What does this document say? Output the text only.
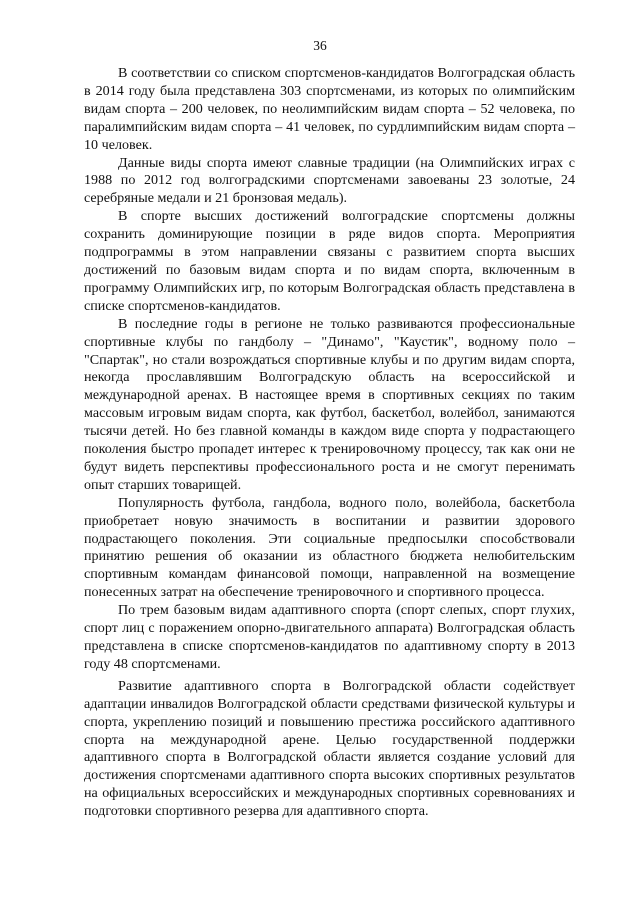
36

В соответствии со списком спортсменов-кандидатов Волгоградская область в 2014 году была представлена 303 спортсменами, из которых по олимпийским видам спорта – 200 человек, по неолимпийским видам спорта – 52 человека, по паралимпийским видам спорта – 41 человек, по сурдлимпийским видам спорта – 10 человек.

Данные виды спорта имеют славные традиции (на Олимпийских играх с 1988 по 2012 год волгоградскими спортсменами завоеваны 23 золотые, 24 серебряные медали и 21 бронзовая медаль).

В спорте высших достижений волгоградские спортсмены должны сохранить доминирующие позиции в ряде видов спорта. Мероприятия подпрограммы в этом направлении связаны с развитием спорта высших достижений по базовым видам спорта и по видам спорта, включенным в программу Олимпийских игр, по которым Волгоградская область представлена в списке спортсменов-кандидатов.

В последние годы в регионе не только развиваются профессиональные спортивные клубы по гандболу – "Динамо", "Каустик", водному поло – "Спартак", но стали возрождаться спортивные клубы и по другим видам спорта, некогда прославлявшим Волгоградскую область на всероссийской и международной аренах. В настоящее время в спортивных секциях по таким массовым игровым видам спорта, как футбол, баскетбол, волейбол, занимаются тысячи детей. Но без главной команды в каждом виде спорта у подрастающего поколения быстро пропадет интерес к тренировочному процессу, так как они не будут видеть перспективы профессионального роста и не смогут перенимать опыт старших товарищей.

Популярность футбола, гандбола, водного поло, волейбола, баскетбола приобретает новую значимость в воспитании и развитии здорового подрастающего поколения. Эти социальные предпосылки способствовали принятию решения об оказании из областного бюджета нелюбительским спортивным командам финансовой помощи, направленной на возмещение понесенных затрат на обеспечение тренировочного и спортивного процесса.

По трем базовым видам адаптивного спорта (спорт слепых, спорт глухих, спорт лиц с поражением опорно-двигательного аппарата) Волгоградская область представлена в списке спортсменов-кандидатов по адаптивному спорту в 2013 году 48 спортсменами.

Развитие адаптивного спорта в Волгоградской области содействует адаптации инвалидов Волгоградской области средствами физической культуры и спорта, укреплению позиций и повышению престижа российского адаптивного спорта на международной арене. Целью государственной поддержки адаптивного спорта в Волгоградской области является создание условий для достижения спортсменами адаптивного спорта высоких спортивных результатов на официальных всероссийских и международных спортивных соревнованиях и подготовки спортивного резерва для адаптивного спорта.
